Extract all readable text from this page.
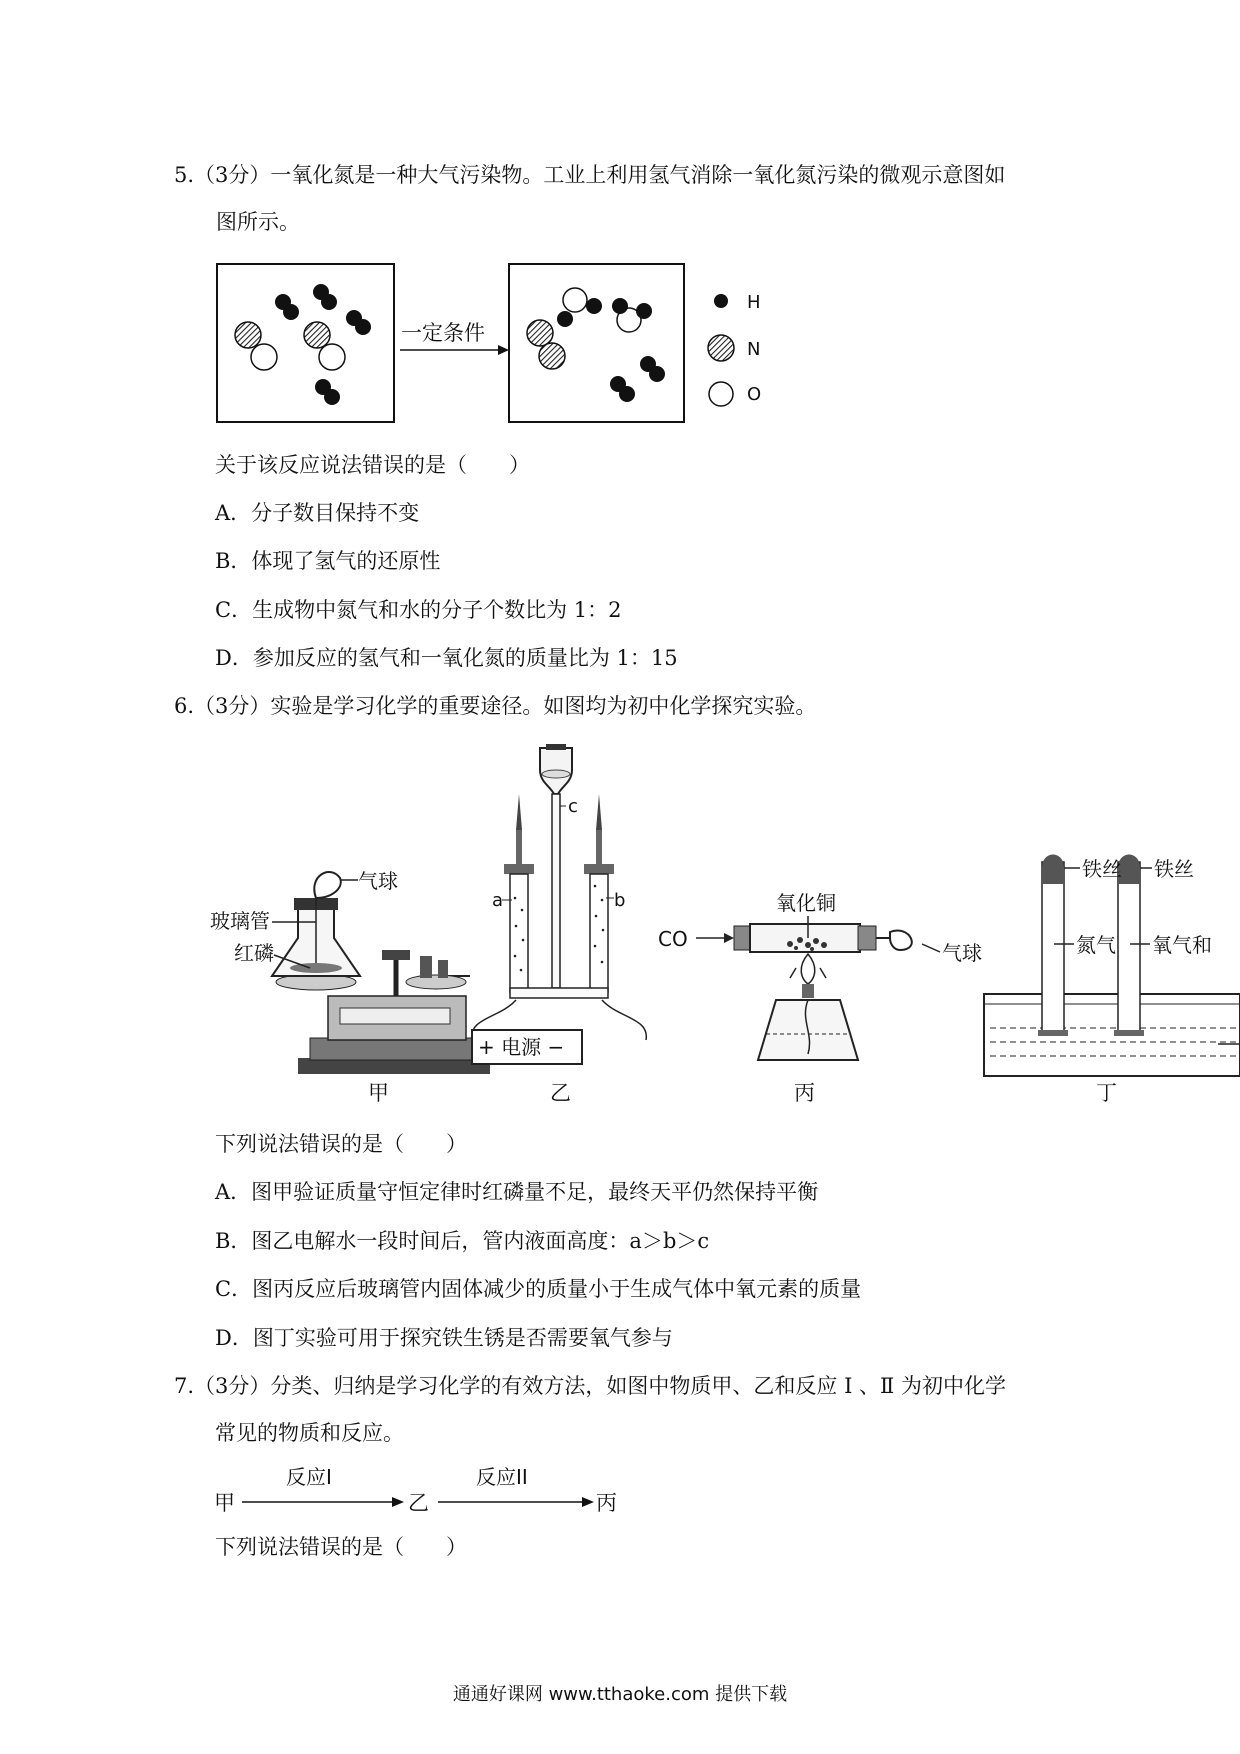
5.（3分）一氧化氮是一种大气污染物。工业上利用氢气消除一氧化氮污染的微观示意图如
图所示。
一定条件
H
N
O
关于该反应说法错误的是（　　）
A．分子数目保持不变
B．体现了氢气的还原性
C．生成物中氮气和水的分子个数比为 1：2
D．参加反应的氢气和一氧化氮的质量比为 1：15
6.（3分）实验是学习化学的重要途径。如图均为初中化学探究实验。
气球
玻璃管
红磷
甲
c
a	b
+ 电源 −
乙
CO
氧化铜
气球
丙
铁丝 铁丝
氮气 氧气和
丁
下列说法错误的是（　　）
A．图甲验证质量守恒定律时红磷量不足，最终天平仍然保持平衡
B．图乙电解水一段时间后，管内液面高度：a＞b＞c
C．图丙反应后玻璃管内固体减少的质量小于生成气体中氧元素的质量
D．图丁实验可用于探究铁生锈是否需要氧气参与
7.（3分）分类、归纳是学习化学的有效方法，如图中物质甲、乙和反应 Ⅰ 、Ⅱ 为初中化学
常见的物质和反应。
甲
反应I
乙
反应II
丙
下列说法错误的是（　　）
通通好课网 www.tthaoke.com 提供下载
